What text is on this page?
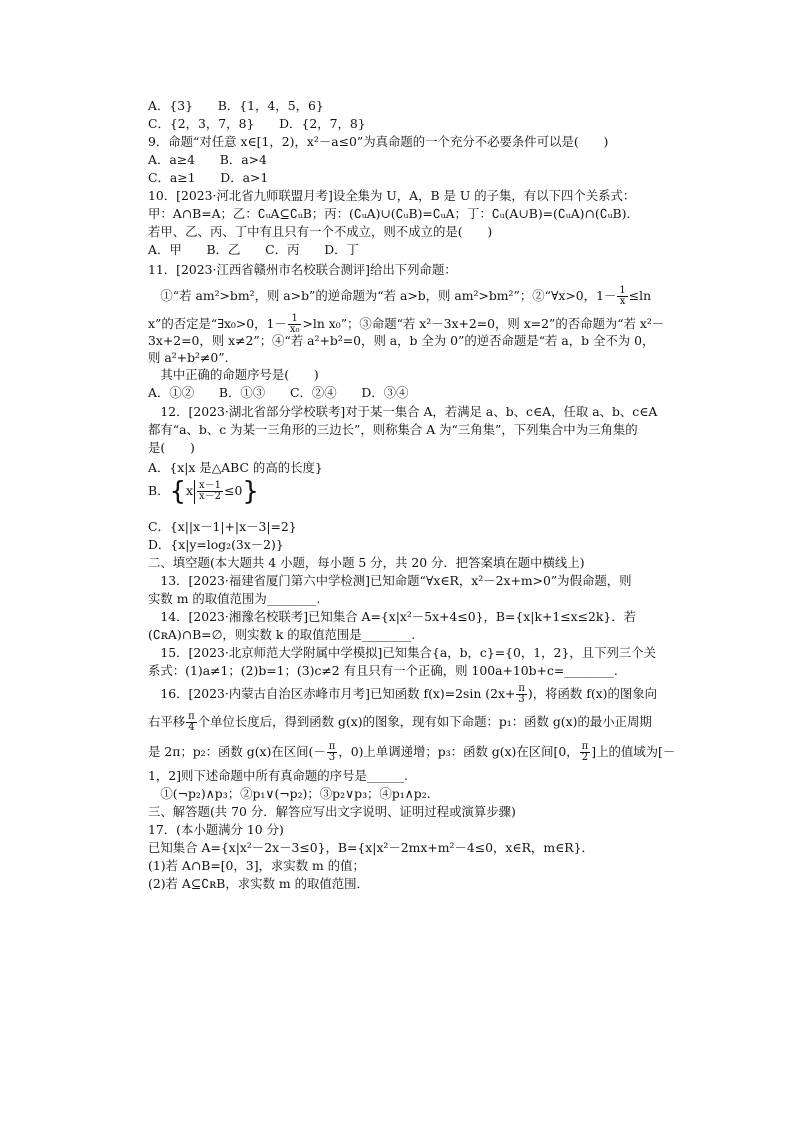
A．{3}　　B．{1，4，5，6}
C．{2，3，7，8}　　D．{2，7，8}
9．命题“对任意 x∈[1，2)，x²－a≤0”为真命题的一个充分不必要条件可以是(　　)
A．a≥4　　B．a>4
C．a≥1　　D．a>1
10．[2023·河北省九师联盟月考]设全集为 U，A，B 是 U 的子集，有以下四个关系式：
甲：A∩B=A；乙：∁ᵤA⊆∁ᵤB；丙：(∁ᵤA)∪(∁ᵤB)=∁ᵤA；丁：∁ᵤ(A∪B)=(∁ᵤA)∩(∁ᵤB).
若甲、乙、丙、丁中有且只有一个不成立，则不成立的是(　　)
A．甲　　B．乙　　C．丙　　D．丁
11．[2023·江西省赣州市名校联合测评]给出下列命题：
　其中正确的命题序号是(　　)
A．①②　　B．①③　　C．②④　　D．③④
　12．[2023·湖北省部分学校联考]对于某一集合 A，若满足 a、b、c∈A，任取 a、b、c∈A
都有“a、b、c 为某一三角形的三边长”，则称集合 A 为“三角集”，下列集合中为三角集的
是(　　)
A．{x|x 是△ABC 的高的长度}
C．{x||x－1|+|x－3|=2}
D．{x|y=log₂(3x－2)}
二、填空题(本大题共 4 小题，每小题 5 分，共 20 分．把答案填在题中横线上)
　13．[2023·福建省厦门第六中学检测]已知命题“∀x∈R，x²－2x+m>0”为假命题，则
实数 m 的取值范围为________.
　14．[2023·湘豫名校联考]已知集合 A={x|x²－5x+4≤0}，B={x|k+1≤x≤2k}．若
(∁ʀA)∩B=∅，则实数 k 的取值范围是________.
　15．[2023·北京师范大学附属中学模拟]已知集合{a，b，c}={0，1，2}，且下列三个关
系式：(1)a≠1；(2)b=1；(3)c≠2 有且只有一个正确，则 100a+10b+c=________.
1，2]则下述命题中所有真命题的序号是______.
　①(¬p₂)∧p₃；②p₁∨(¬p₂)；③p₂∨p₃；④p₁∧p₂.
三、解答题(共 70 分．解答应写出文字说明、证明过程或演算步骤)
17．(本小题满分 10 分)
已知集合 A={x|x²－2x－3≤0}，B={x|x²－2mx+m²－4≤0，x∈R，m∈R}．
(1)若 A∩B=[0，3]，求实数 m 的值；
(2)若 A⊆∁ʀB，求实数 m 的取值范围．
　①“若 am²>bm²，则 a>b”的逆命题为“若 a>b，则 am²>bm²”；②“∀x>0，$1- \frac{1}{x} \le\ln$
x”的否定是“∃x₀>0，$1- \frac{1}{\text{x₀}} >\ln$ x₀”；③命题“若 x²－3x+2=0，则 x=2”的否命题为“若 x²－
3x+2=0，则 x≠2”；④“若 a²+b²=0，则 a，b 全为 0”的逆否命题是“若 a，b 全不为 0，
则 a²+b²≠0”.
B．$\{x \frac{x-1}{x-2} \le 0\}$
　16．[2023·内蒙古自治区赤峰市月考]已知函数 f(x)=2sin ($2x+ \frac{\pi}{3}$ )，将函数 f(x)的图象向
右平移 $\frac{\pi}{4}$ 个单位长度后，得到函数 g(x)的图象，现有如下命题：p₁：函数 g(x)的最小正周期
是 2π；p₂：函数 g(x)在区间(－ $\frac{\pi}{3}$ ，0)上单调递增；p₃：函数 g(x)在区间[0， $\frac{\pi}{2}$ ]上的值域为[－
